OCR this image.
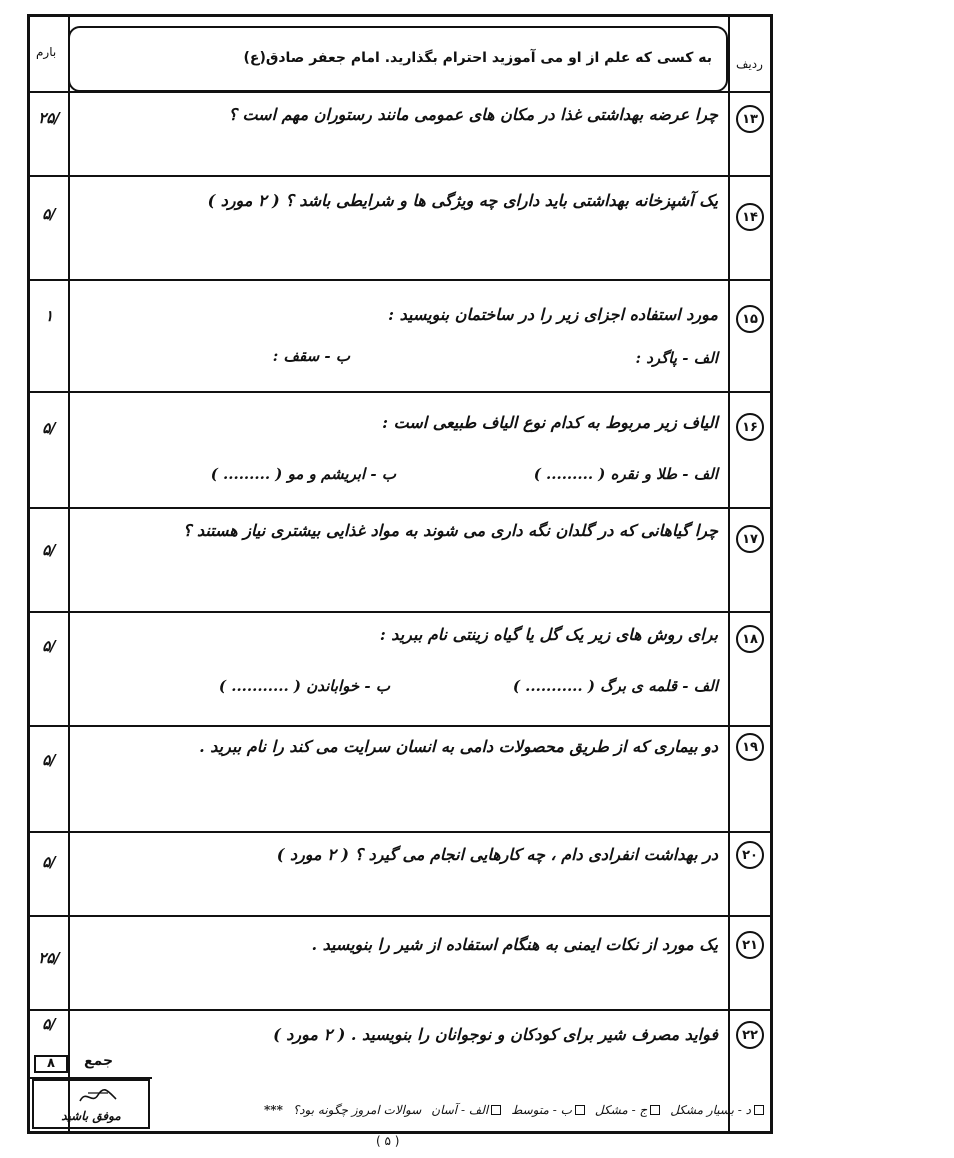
بارم
ردیف
به کسی که علم از او می آموزید احترام بگذارید. امام جعفر صادق(ع)
۱۳
چرا عرضه بهداشتی غذا در مکان های عمومی مانند رستوران مهم است ؟
/۲۵
۱۴
یک آشپزخانه بهداشتی باید دارای چه ویژگی ها و شرایطی باشد ؟ ( ۲ مورد )
/۵
۱۵
مورد استفاده اجزای زیر را در ساختمان بنویسید :
الف - پاگرد :
ب - سقف :
۱
۱۶
الیاف زیر مربوط به کدام نوع الیاف طبیعی است :
الف - طلا و نقره ( ......... )
ب - ابریشم و مو ( ......... )
/۵
۱۷
چرا گیاهانی که در گلدان نگه داری می شوند به مواد غذایی بیشتری نیاز هستند ؟
/۵
۱۸
برای روش های زیر یک گل یا گیاه زینتی نام ببرید :
الف - قلمه ی برگ ( ........... )
ب - خواباندن ( ........... )
/۵
۱۹
دو بیماری که از طریق محصولات دامی به انسان سرایت می کند را نام ببرید .
/۵
۲۰
در بهداشت انفرادی دام ، چه کارهایی انجام می گیرد ؟ ( ۲ مورد )
/۵
۲۱
یک مورد از نکات ایمنی به هنگام استفاده از شیر را بنویسید .
/۲۵
۲۲
فواید مصرف شیر برای کودکان و نوجوانان را بنویسید . ( ۲ مورد )
/۵
جمع
۸
موفق باشید	*** سوالات امروز چگونه بود؟ الف - آسان ب - متوسط ج - مشکل د - بسیار مشکل
( ۵ )
